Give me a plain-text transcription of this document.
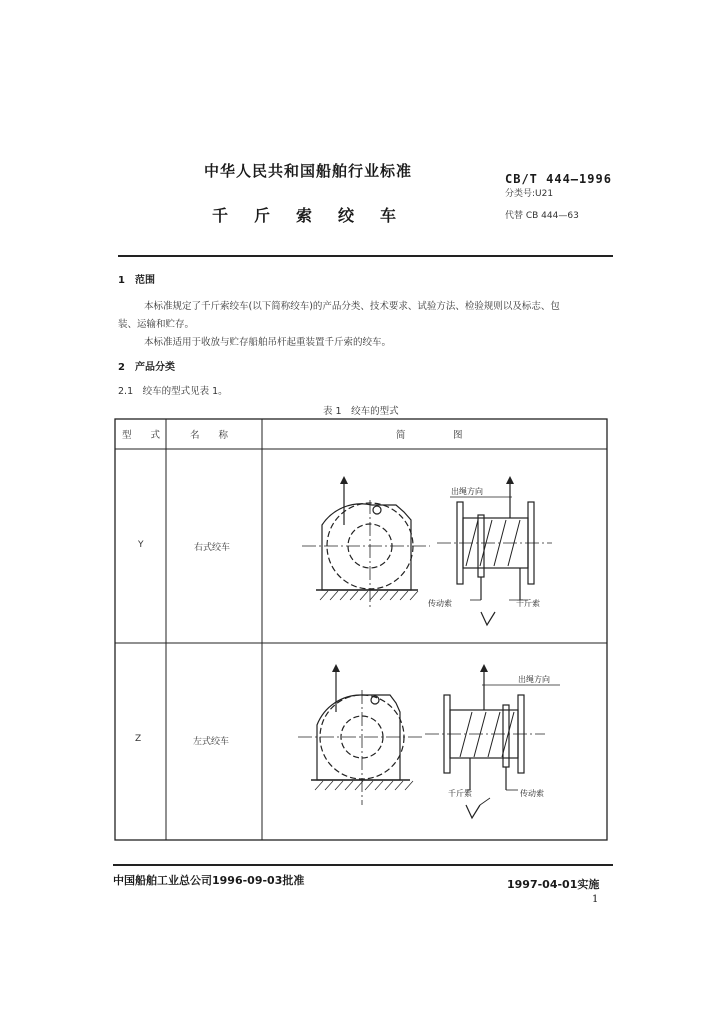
中华人民共和国船舶行业标准	CB/T 444—1996
分类号:U21
代替 CB 444—63
千斤索绞车
1　范围
本标准规定了千斤索绞车(以下简称绞车)的产品分类、技术要求、试验方法、检验规则以及标志、包
装、运输和贮存。
本标准适用于收放与贮存船舶吊杆起重装置千斤索的绞车。
2　产品分类
2.1　绞车的型式见表 1。
表 1　绞车的型式
型　　式	名　　称	简　　　　　图
Y	右式绞车
Z	左式绞车
出绳方向
传动索	千斤索
出绳方向
千斤索	传动索
中国船舶工业总公司1996-09-03批准	1997-04-01实施
1
